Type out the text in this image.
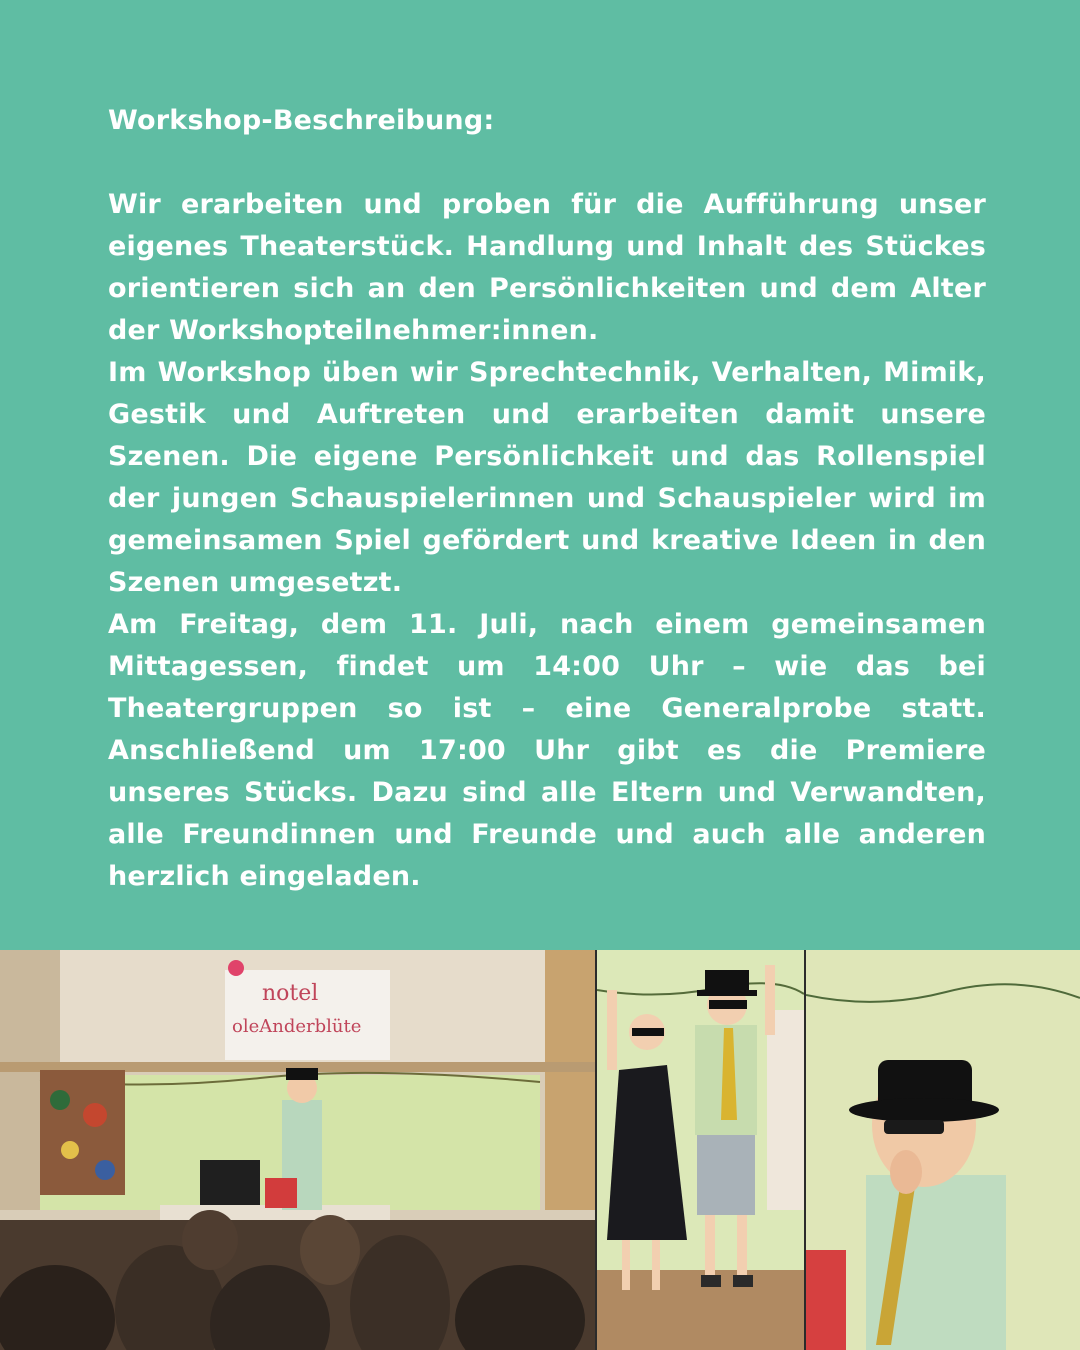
Workshop-Beschreibung:

Wir erarbeiten und proben für die Aufführung unser eigenes Theaterstück. Handlung und Inhalt des Stückes orientieren sich an den Persönlichkeiten und dem Alter der Workshopteilnehmer:innen.

Im Workshop üben wir Sprechtechnik, Verhalten, Mimik, Gestik und Auftreten und erarbeiten damit unsere Szenen. Die eigene Persönlichkeit und das Rollenspiel der jungen Schauspielerinnen und Schauspieler wird im gemeinsamen Spiel gefördert und kreative Ideen in den Szenen umgesetzt.

Am Freitag, dem 11. Juli, nach einem gemeinsamen Mittagessen, findet um 14:00 Uhr – wie das bei Theatergruppen so ist – eine Generalprobe statt. Anschließend um 17:00 Uhr gibt es die Premiere unseres Stücks. Dazu sind alle Eltern und Verwandten, alle Freundinnen und Freunde und auch alle anderen herzlich eingeladen.

notel
oleAnderblüte
